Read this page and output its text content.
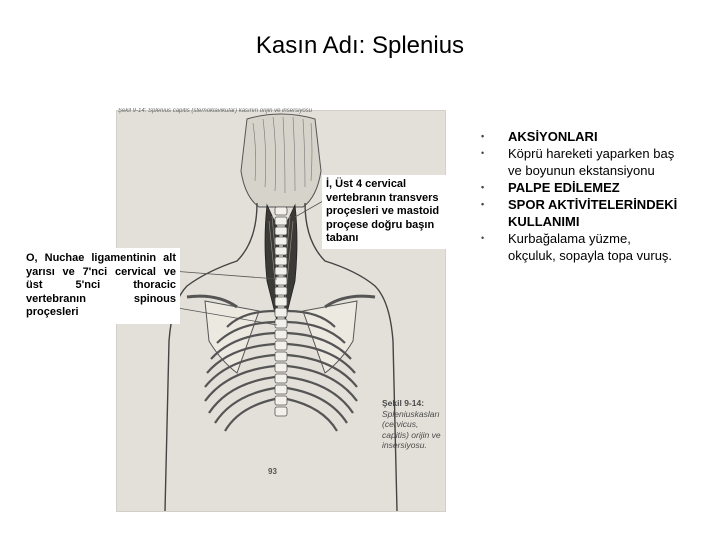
Kasın Adı: Splenius
Şekil 9-14: Splenius capitis (sternoklavikular) kasının orijin ve insersiyosu
İ, Üst 4 cervical vertebranın transvers proçesleri ve mastoid proçese doğru başın tabanı
O, Nuchae ligamentinin alt yarısı ve 7'nci cervical ve üst 5'nci thoracic vertebranın spinous proçesleri
Şekil 9-14:
Spleniuskasları (cervicus, capitis) orijin ve insersiyosu.
93
• AKSİYONLARI
• Köprü hareketi yaparken baş ve boyunun ekstansiyonu
• PALPE EDİLEMEZ
• SPOR AKTİVİTELERİNDEKİ KULLANIMI
• Kurbağalama yüzme, okçuluk, sopayla topa vuruş.
